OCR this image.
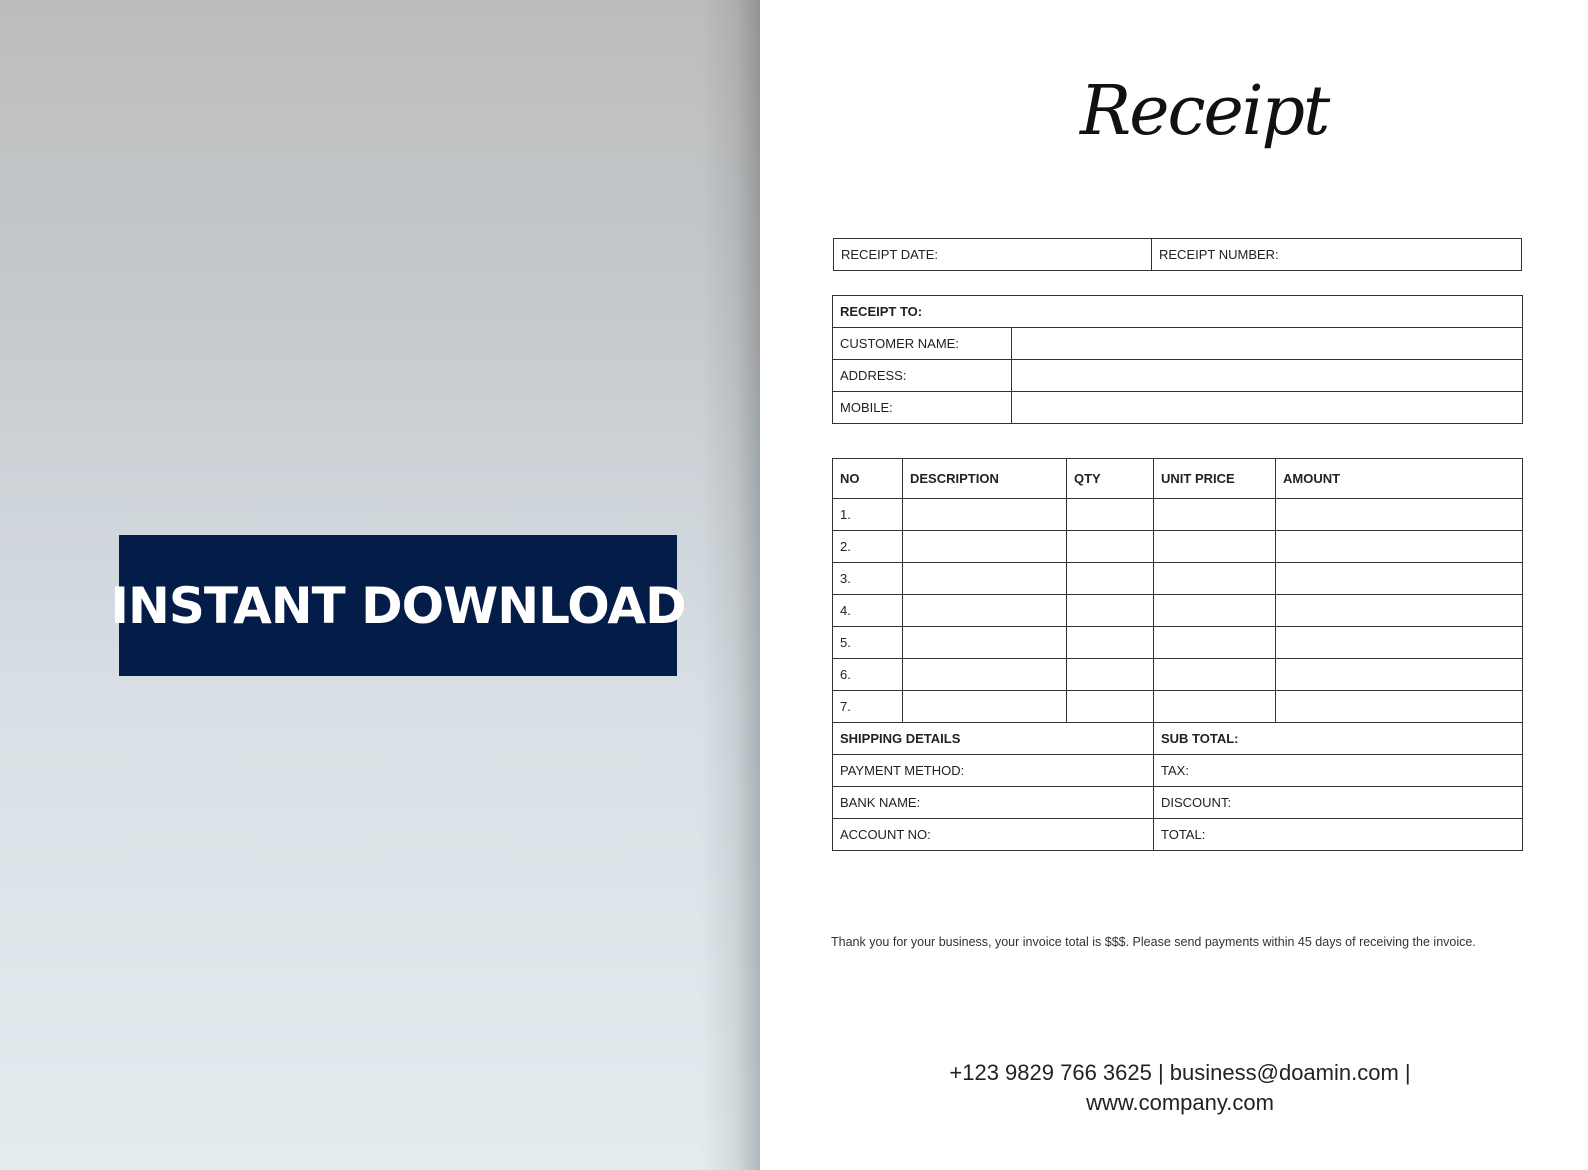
INSTANT DOWNLOAD
Receipt
RECEIPT DATE:	RECEIPT NUMBER:
RECEIPT TO:	
CUSTOMER NAME:	
ADDRESS:	
MOBILE:	
NO	DESCRIPTION	QTY	UNIT PRICE	AMOUNT
1.				
2.				
3.				
4.				
5.				
6.				
7.				
SHIPPING DETAILS			SUB TOTAL:	
PAYMENT METHOD:			TAX:	
BANK NAME:			DISCOUNT:	
ACCOUNT NO:			TOTAL:	
Thank you for your business, your invoice total is $$$. Please send payments within 45 days of receiving the invoice.
+123 9829 766 3625 | business@doamin.com |
www.company.com
